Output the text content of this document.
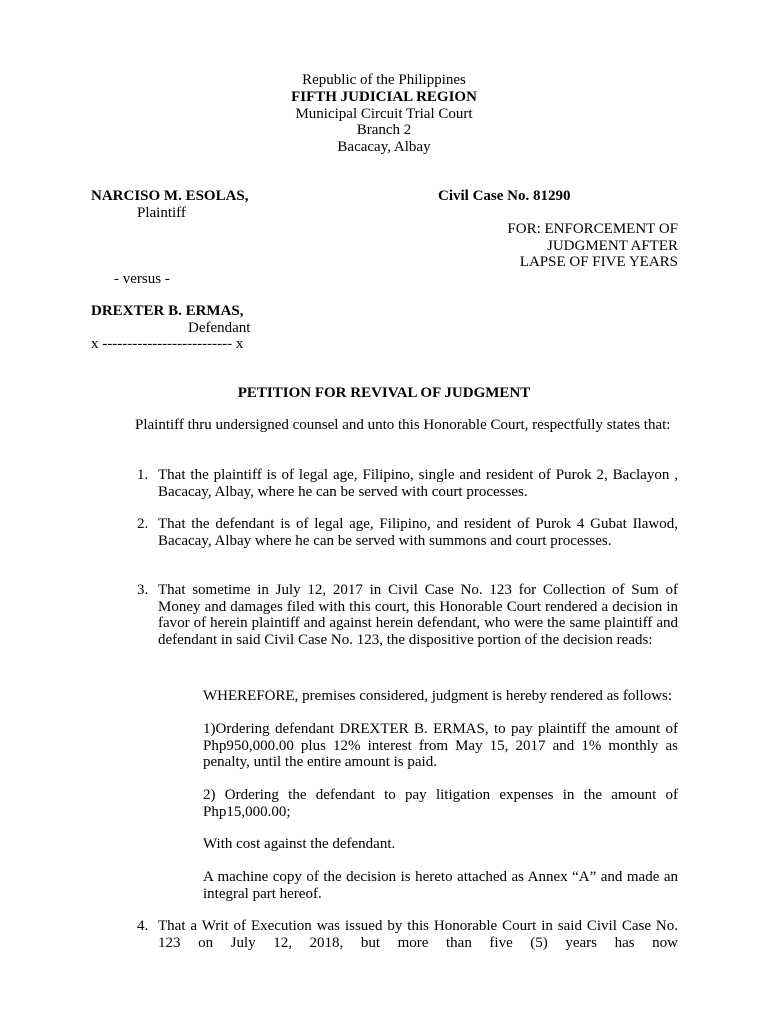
Republic of the Philippines
FIFTH JUDICIAL REGION
Municipal Circuit Trial Court
Branch 2
Bacacay, Albay
NARCISO M. ESOLAS,
Plaintiff
- versus -
DREXTER B. ERMAS,
Defendant
x -------------------------- x
Civil Case No. 81290
FOR: ENFORCEMENT OF
JUDGMENT AFTER
LAPSE OF FIVE YEARS
PETITION FOR REVIVAL OF JUDGMENT
Plaintiff thru undersigned counsel and unto this Honorable Court, respectfully states that:
1. That the plaintiff is of legal age, Filipino, single and resident of Purok 2, Baclayon , Bacacay, Albay, where he can be served with court processes.
2. That the defendant is of legal age, Filipino, and resident of Purok 4 Gubat Ilawod, Bacacay, Albay where he can be served with summons and court processes.
3. That sometime in July 12, 2017 in Civil Case No. 123 for Collection of Sum of Money and damages filed with this court, this Honorable Court rendered a decision in favor of herein plaintiff and against herein defendant, who were the same plaintiff and defendant in said Civil Case No. 123, the dispositive portion of the decision reads:
WHEREFORE, premises considered, judgment is hereby rendered as follows:
1)Ordering defendant DREXTER B. ERMAS, to pay plaintiff the amount of Php950,000.00 plus 12% interest from May 15, 2017 and 1% monthly as penalty, until the entire amount is paid.
2) Ordering the defendant to pay litigation expenses in the amount of Php15,000.00;
With cost against the defendant.
A machine copy of the decision is hereto attached as Annex “A” and made an integral part hereof.
4. That a Writ of Execution was issued by this Honorable Court in said Civil Case No. 123 on July 12, 2018, but more than five (5) years has now
